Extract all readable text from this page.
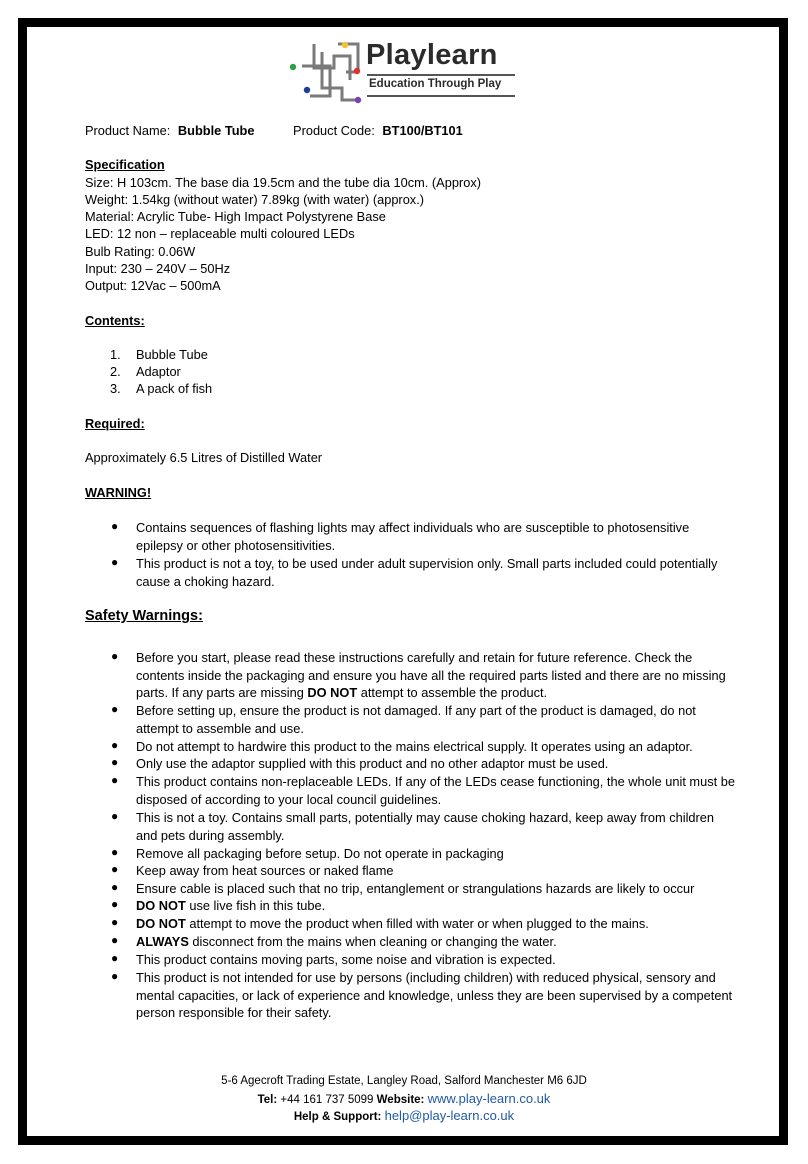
Playlearn
Education Through Play
Product Name: Bubble Tube	Product Code: BT100/BT101
Specification
Size: H 103cm. The base dia 19.5cm and the tube dia 10cm. (Approx)
Weight: 1.54kg (without water) 7.89kg (with water) (approx.)
Material: Acrylic Tube- High Impact Polystyrene Base
LED: 12 non – replaceable multi coloured LEDs
Bulb Rating: 0.06W
Input: 230 – 240V – 50Hz
Output: 12Vac – 500mA
Contents:
1. Bubble Tube
2. Adaptor
3. A pack of fish
Required:
Approximately 6.5 Litres of Distilled Water
WARNING!
● Contains sequences of flashing lights may affect individuals who are susceptible to photosensitive epilepsy or other photosensitivities.
● This product is not a toy, to be used under adult supervision only. Small parts included could potentially cause a choking hazard.
Safety Warnings:
● Before you start, please read these instructions carefully and retain for future reference. Check the contents inside the packaging and ensure you have all the required parts listed and there are no missing parts. If any parts are missing DO NOT attempt to assemble the product.
● Before setting up, ensure the product is not damaged. If any part of the product is damaged, do not attempt to assemble and use.
● Do not attempt to hardwire this product to the mains electrical supply. It operates using an adaptor.
● Only use the adaptor supplied with this product and no other adaptor must be used.
● This product contains non-replaceable LEDs. If any of the LEDs cease functioning, the whole unit must be disposed of according to your local council guidelines.
● This is not a toy. Contains small parts, potentially may cause choking hazard, keep away from children and pets during assembly.
● Remove all packaging before setup. Do not operate in packaging
● Keep away from heat sources or naked flame
● Ensure cable is placed such that no trip, entanglement or strangulations hazards are likely to occur
● DO NOT use live fish in this tube.
● DO NOT attempt to move the product when filled with water or when plugged to the mains.
● ALWAYS disconnect from the mains when cleaning or changing the water.
● This product contains moving parts, some noise and vibration is expected.
● This product is not intended for use by persons (including children) with reduced physical, sensory and mental capacities, or lack of experience and knowledge, unless they are been supervised by a competent person responsible for their safety.
5-6 Agecroft Trading Estate, Langley Road, Salford Manchester M6 6JD
Tel: +44 161 737 5099 Website: www.play-learn.co.uk
Help & Support: help@play-learn.co.uk
